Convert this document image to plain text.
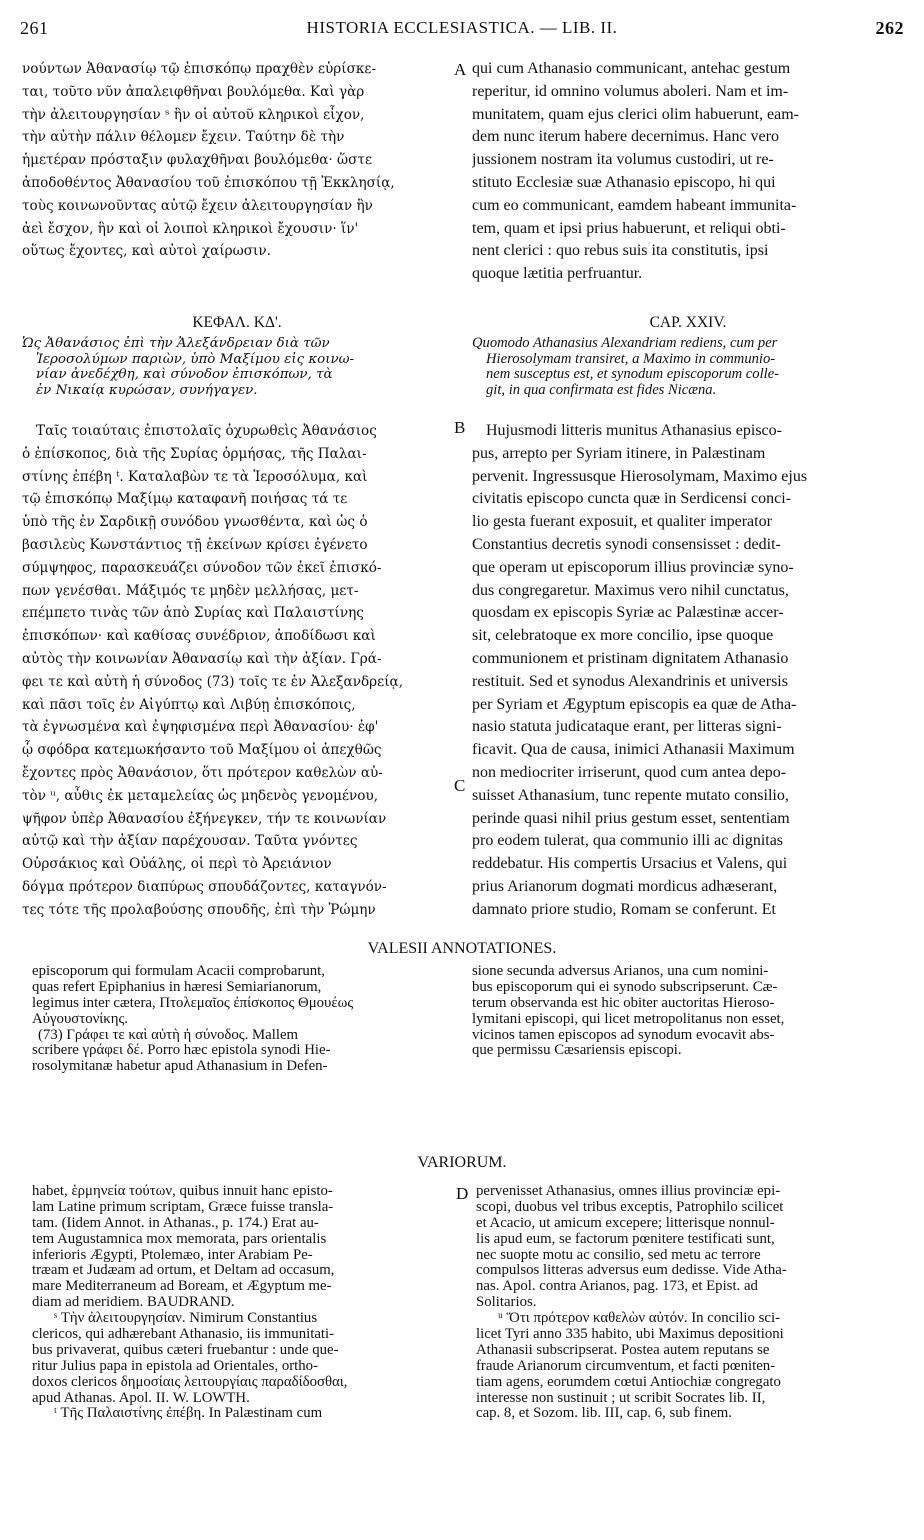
261	HISTORIA ECCLESIASTICA. — LIB. II.	262
νούντων Ἀθανασίῳ τῷ ἐπισκόπῳ πραχθὲν εὑρίσκε-
ται, τοῦτο νῦν ἀπαλειφθῆναι βουλόμεθα. Καὶ γὰρ
τὴν ἀλειτουργησίαν ˢ ἣν οἱ αὐτοῦ κληρικοὶ εἶχον,
τὴν αὐτὴν πάλιν θέλομεν ἔχειν. Ταύτην δὲ τὴν
ἡμετέραν πρόσταξιν φυλαχθῆναι βουλόμεθα· ὥστε
ἀποδοθέντος Ἀθανασίου τοῦ ἐπισκόπου τῇ Ἐκκλησίᾳ,
τοὺς κοινωνοῦντας αὐτῷ ἔχειν ἀλειτουργησίαν ἣν
ἀεὶ ἔσχον, ἣν καὶ οἱ λοιποὶ κληρικοὶ ἔχουσιν· ἵν'
οὕτως ἔχοντες, καὶ αὐτοὶ χαίρωσιν.
A qui cum Athanasio communicant, antehac gestum
reperitur, id omnino volumus aboleri. Nam et im-
munitatem, quam ejus clerici olim habuerunt, eam-
dem nunc iterum habere decernimus. Hanc vero
jussionem nostram ita volumus custodiri, ut re-
stituto Ecclesiæ suæ Athanasio episcopo, hi qui
cum eo communicant, eamdem habeant immunita-
tem, quam et ipsi prius habuerunt, et reliqui obti-
nent clerici : quo rebus suis ita constitutis, ipsi
quoque lætitia perfruantur.
ΚΕΦΑΛ. ΚΔ'.	CAP. XXIV.
Ὡς Ἀθανάσιος ἐπὶ τὴν Ἀλεξάνδρειαν διὰ τῶν
Ἱεροσολύμων παριὼν, ὑπὸ Μαξίμου εἰς κοινω-
νίαν ἀνεδέχθη, καὶ σύνοδον ἐπισκόπων, τὰ
ἐν Νικαίᾳ κυρώσαν, συνήγαγεν.
Quomodo Athanasius Alexandriam rediens, cum per
Hierosolymam transiret, a Maximo in communio-
nem susceptus est, et synodum episcoporum colle-
git, in qua confirmata est fides Nicæna.
Ταῖς τοιαύταις ἐπιστολαῖς ὀχυρωθεὶς Ἀθανάσιος
ὁ ἐπίσκοπος, διὰ τῆς Συρίας ὁρμήσας, τῆς Παλαι-
στίνης ἐπέβη ᵗ. Καταλαβὼν τε τὰ Ἱεροσόλυμα, καὶ
τῷ ἐπισκόπῳ Μαξίμῳ καταφανῆ ποιήσας τά τε
ὑπὸ τῆς ἐν Σαρδικῇ συνόδου γνωσθέντα, καὶ ὡς ὁ
βασιλεὺς Κωνστάντιος τῇ ἐκείνων κρίσει ἐγένετο
σύμψηφος, παρασκευάζει σύνοδον τῶν ἐκεῖ ἐπισκό-
πων γενέσθαι. Μάξιμός τε μηδὲν μελλήσας, μετ-
επέμπετο τινὰς τῶν ἀπὸ Συρίας καὶ Παλαιστίνης
ἐπισκόπων· καὶ καθίσας συνέδριον, ἀποδίδωσι καὶ
αὐτὸς τὴν κοινωνίαν Ἀθανασίῳ καὶ τὴν ἀξίαν. Γρά-
φει τε καὶ αὐτὴ ἡ σύνοδος (73) τοῖς τε ἐν Ἀλεξανδρείᾳ,
καὶ πᾶσι τοῖς ἐν Αἰγύπτῳ καὶ Λιβύῃ ἐπισκόποις,
τὰ ἐγνωσμένα καὶ ἐψηφισμένα περὶ Ἀθανασίου· ἐφ'
ᾧ σφόδρα κατεμωκήσαντο τοῦ Μαξίμου οἱ ἀπεχθῶς
ἔχοντες πρὸς Ἀθανάσιον, ὅτι πρότερον καθελὼν αὐ-
τὸν ᵘ, αὖθις ἐκ μεταμελείας ὡς μηδενὸς γενομένου,
ψῆφον ὑπὲρ Ἀθανασίου ἐξήνεγκεν, τήν τε κοινωνίαν
αὐτῷ καὶ τὴν ἀξίαν παρέχουσαν. Ταῦτα γνόντες
Οὐρσάκιος καὶ Οὐάλης, οἱ περὶ τὸ Ἀρειάνιον
δόγμα πρότερον διαπύρως σπουδάζοντες, καταγνόν-
τες τότε τῆς προλαβούσης σπουδῆς, ἐπὶ τὴν Ῥώμην
B
C
Hujusmodi litteris munitus Athanasius episco-
pus, arrepto per Syriam itinere, in Palæstinam
pervenit. Ingressusque Hierosolymam, Maximo ejus
civitatis episcopo cuncta quæ in Serdicensi conci-
lio gesta fuerant exposuit, et qualiter imperator
Constantius decretis synodi consensisset : dedit-
que operam ut episcoporum illius provinciæ syno-
dus congregaretur. Maximus vero nihil cunctatus,
quosdam ex episcopis Syriæ ac Palæstinæ accer-
sit, celebratoque ex more concilio, ipse quoque
communionem et pristinam dignitatem Athanasio
restituit. Sed et synodus Alexandrinis et universis
per Syriam et Ægyptum episcopis ea quæ de Atha-
nasio statuta judicataque erant, per litteras signi-
ficavit. Qua de causa, inimici Athanasii Maximum
non mediocriter irriserunt, quod cum antea depo-
suisset Athanasium, tunc repente mutato consilio,
perinde quasi nihil prius gestum esset, sententiam
pro eodem tulerat, qua communio illi ac dignitas
reddebatur. His compertis Ursacius et Valens, qui
prius Arianorum dogmati mordicus adhæserant,
damnato priore studio, Romam se conferunt. Et
VALESII ANNOTATIONES.
episcoporum qui formulam Acacii comprobarunt,
quas refert Epiphanius in hæresi Semiarianorum,
legimus inter cætera, Πτολεμαῖος ἐπίσκοπος Θμουέως
Αὐγουστονίκης.
(73) Γράφει τε καὶ αὐτὴ ἡ σύνοδος. Mallem
scribere γράφει δέ. Porro hæc epistola synodi Hie-
rosolymitanæ habetur apud Athanasium in Defen-
sione secunda adversus Arianos, una cum nomini-
bus episcoporum qui ei synodo subscripserunt. Cæ-
terum observanda est hic obiter auctoritas Hieroso-
lymitani episcopi, qui licet metropolitanus non esset,
vicinos tamen episcopos ad synodum evocavit abs-
que permissu Cæsariensis episcopi.
VARIORUM.
habet, ἑρμηνεία τούτων, quibus innuit hanc episto-
lam Latine primum scriptam, Græce fuisse transla-
tam. (Iidem Annot. in Athanas., p. 174.) Erat au-
tem Augustamnica mox memorata, pars orientalis
inferioris Ægypti, Ptolemæo, inter Arabiam Pe-
træam et Judæam ad ortum, et Deltam ad occasum,
mare Mediterraneum ad Boream, et Ægyptum me-
diam ad meridiem. BAUDRAND.
ˢ Τὴν ἀλειτουργησίαν. Nimirum Constantius
clericos, qui adhærebant Athanasio, iis immunitati-
bus privaverat, quibus cæteri fruebantur : unde que-
ritur Julius papa in epistola ad Orientales, ortho-
doxos clericos δημοσίαις λειτουργίαις παραδίδοσθαι,
apud Athanas. Apol. II. W. LOWTH.
ᵗ Τῆς Παλαιστίνης ἐπέβη. In Palæstinam cum
D pervenisset Athanasius, omnes illius provinciæ epi-
scopi, duobus vel tribus exceptis, Patrophilo scilicet
et Acacio, ut amicum excepere; litterisque nonnul-
lis apud eum, se factorum pœnitere testificati sunt,
nec suopte motu ac consilio, sed metu ac terrore
compulsos litteras adversus eum dedisse. Vide Atha-
nas. Apol. contra Arianos, pag. 173, et Epist. ad
Solitarios.
ᵘ Ὅτι πρότερον καθελὼν αὐτόν. In concilio sci-
licet Tyri anno 335 habito, ubi Maximus depositioni
Athanasii subscripserat. Postea autem reputans se
fraude Arianorum circumventum, et facti pœniten-
tiam agens, eorumdem cœtui Antiochiæ congregato
interesse non sustinuit ; ut scribit Socrates lib. II,
cap. 8, et Sozom. lib. III, cap. 6, sub finem.
